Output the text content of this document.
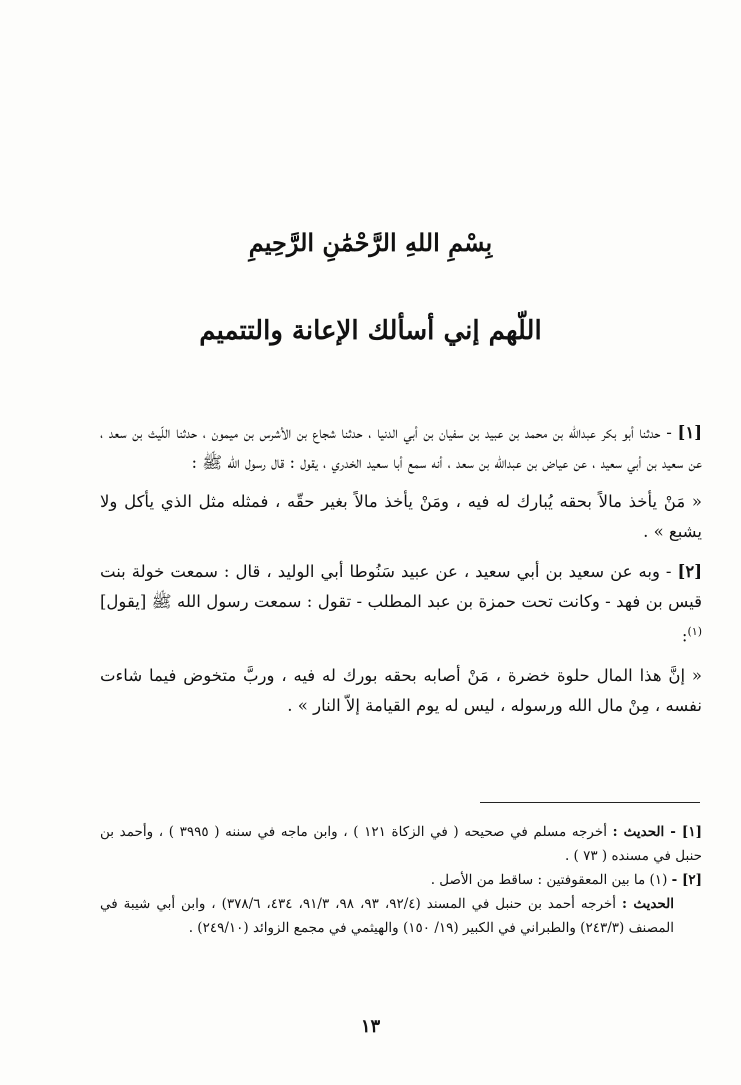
بِسْمِ اللهِ الرَّحْمَٰنِ الرَّحِيمِ
اللّهم إني أسألك الإعانة والتتميم

[١] - حدثنا أبو بكر عبدالله بن محمد بن عبيد بن سفيان بن أبي الدنيا ، حدثنا شجاع بن الأشرس بن ميمون ، حدثنا اللّيث بن سعد ، عن سعيد بن أبي سعيد ، عن عياض بن عبدالله بن سعد ، أنه سمع أبا سعيد الخدري ، يقول : قال رسول الله ﷺ :

« مَنْ يأخذ مالاً بحقه يُبارك له فيه ، ومَنْ يأخذ مالاً بغير حقّه ، فمثله مثل الذي يأكل ولا يشبع » .

[٢] - وبه عن سعيد بن أبي سعيد ، عن عبيد سَنُوطا أبي الوليد ، قال : سمعت خولة بنت قيس بن فهد - وكانت تحت حمزة بن عبد المطلب - تقول : سمعت رسول الله ﷺ [يقول]$^{(١)}$:

« إنَّ هذا المال حلوة خضرة ، مَنْ أصابه بحقه بورك له فيه ، وربَّ متخوض فيما شاءت نفسه ، مِنْ مال الله ورسوله ، ليس له يوم القيامة إلاّ النار » .

[١] - الحديث : أخرجه مسلم في صحيحه ( في الزكاة ١٢١ ) ، وابن ماجه في سننه ( ٣٩٩٥ ) ، وأحمد بن حنبل في مسنده ( ٧٣ ) .

[٢] - (١) ما بين المعقوفتين : ساقط من الأصل .

الحديث : أخرجه أحمد بن حنبل في المسند (٩٢/٤، ٩٣، ٩٨، ٩١/٣، ٤٣٤، ٣٧٨/٦) ، وابن أبي شيبة في المصنف (٢٤٣/٣) والطبراني في الكبير (١٩/ ١٥٠) والهيثمي في مجمع الزوائد (٢٤٩/١٠) .

١٣
